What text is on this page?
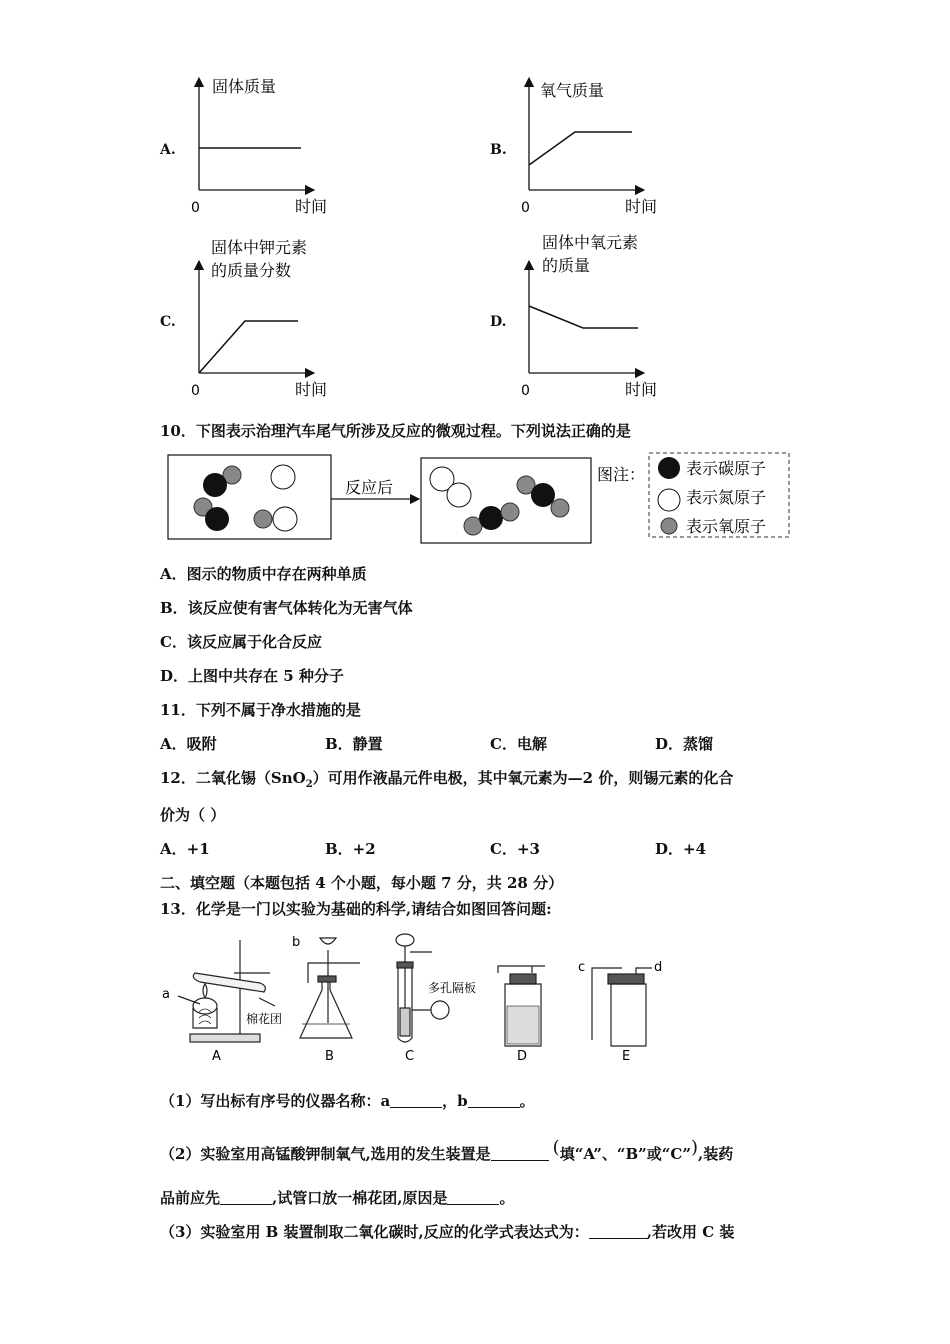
A.	B.
C.	D.
固体质量
0	时间
氧气质量
0	时间
固体中钾元素
的质量分数
0	时间
固体中氧元素
的质量
0	时间
10．下图表示治理汽车尾气所涉及反应的微观过程。下列说法正确的是
反应后
图注：	表示碳原子
表示氮原子
表示氧原子
A．图示的物质中存在两种单质
B．该反应使有害气体转化为无害气体
C．该反应属于化合反应
D．上图中共存在 5 种分子
11．下列不属于净水措施的是
A．吸附	B．静置	C．电解	D．蒸馏
12．二氧化锡（SnO$_2$）可用作液晶元件电极，其中氧元素为—2 价，则锡元素的化合
价为（ ）
A．+1	B．+2	C．+3	D．+4
二、填空题（本题包括 4 个小题，每小题 7 分，共 28 分）
13．化学是一门以实验为基础的科学,请结合如图回答问题:
a
棉花团
A
b
B
多孔隔板
C	D
c	d
E
（1）写出标有序号的仪器名称：a	，b	。
（2）实验室用高锰酸钾制氧气,选用的发生装置是	(填“A”、“B”或“C”),装药
品前应先	,试管口放一棉花团,原因是	。
（3）实验室用 B 装置制取二氧化碳时,反应的化学式表达式为：	,若改用 C 装
